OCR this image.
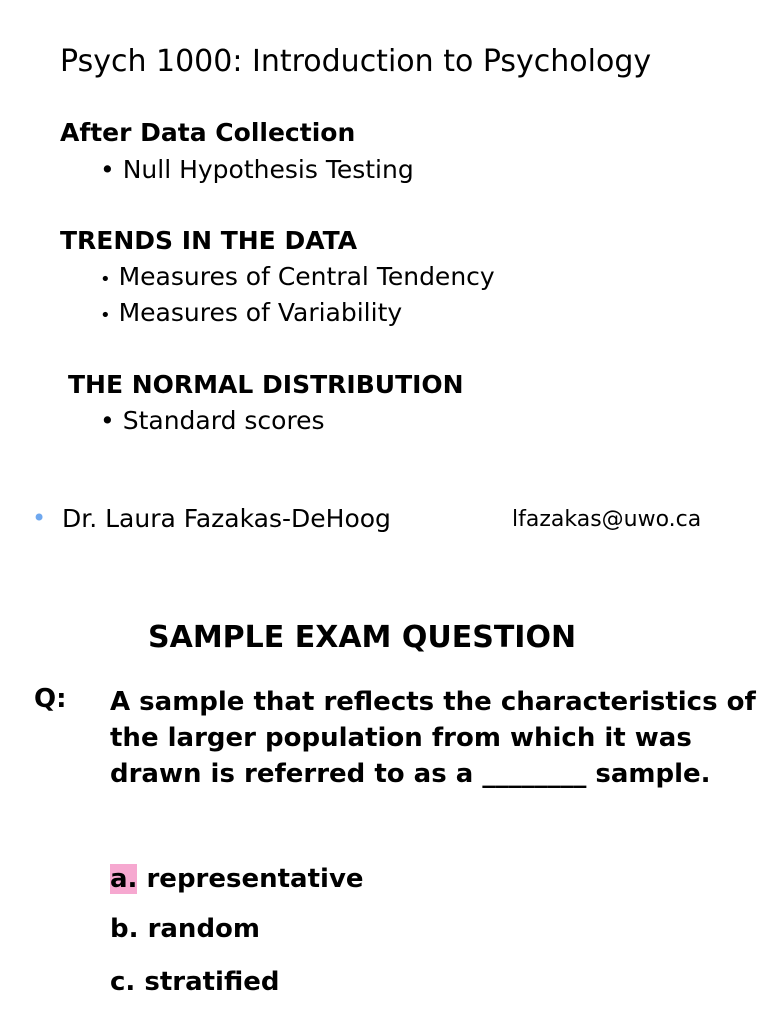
Psych 1000: Introduction to Psychology
After Data Collection
• Null Hypothesis Testing
TRENDS IN THE DATA
• Measures of Central Tendency
• Measures of Variability
THE NORMAL DISTRIBUTION
• Standard scores
• Dr. Laura Fazakas-DeHoog	lfazakas@uwo.ca
SAMPLE EXAM QUESTION
Q: A sample that reflects the characteristics of the larger population from which it was drawn is referred to as a ________ sample.
a. representative
b. random
c. stratified
